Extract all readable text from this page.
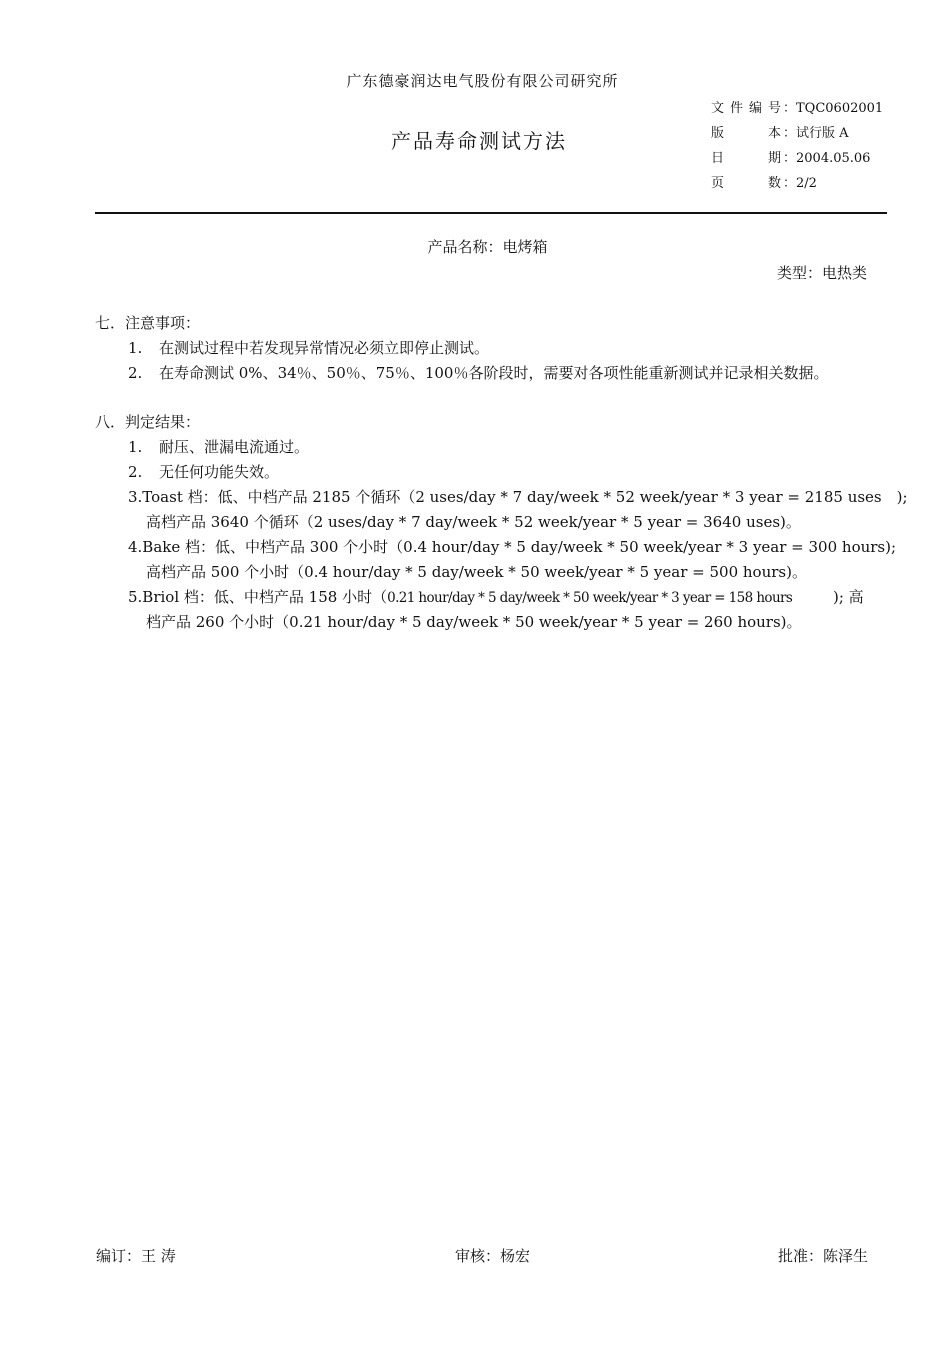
广东德豪润达电气股份有限公司研究所
产品寿命测试方法
文件编号 ：TQC0602001
版本 ：试行版 A
日期 ：2004.05.06
页数 ：2/2
产品名称：电烤箱
类型：电热类
七．注意事项：
1. 在测试过程中若发现异常情况必须立即停止测试。
2. 在寿命测试 0%、34％、50％、75％、100％各阶段时，需要对各项性能重新测试并记录相关数据。
八．判定结果：
1. 耐压、泄漏电流通过。
2. 无任何功能失效。
3.Toast 档：低、中档产品 2185 个循环（2 uses/day * 7 day/week * 52 week/year * 3 year = 2185 uses　);
高档产品 3640 个循环（2 uses/day * 7 day/week * 52 week/year * 5 year = 3640 uses)。
4.Bake 档：低、中档产品 300 个小时（0.4 hour/day * 5 day/week * 50 week/year * 3 year = 300 hours);
高档产品 500 个小时（0.4 hour/day * 5 day/week * 50 week/year * 5 year = 500 hours)。
5.Briol 档：低、中档产品 158 小时（0.21 hour/day * 5 day/week * 50 week/year * 3 year = 158 hours	); 高
档产品 260 个小时（0.21 hour/day * 5 day/week * 50 week/year * 5 year = 260 hours)。
编订：王 涛	审核：杨宏	批准：陈泽生
